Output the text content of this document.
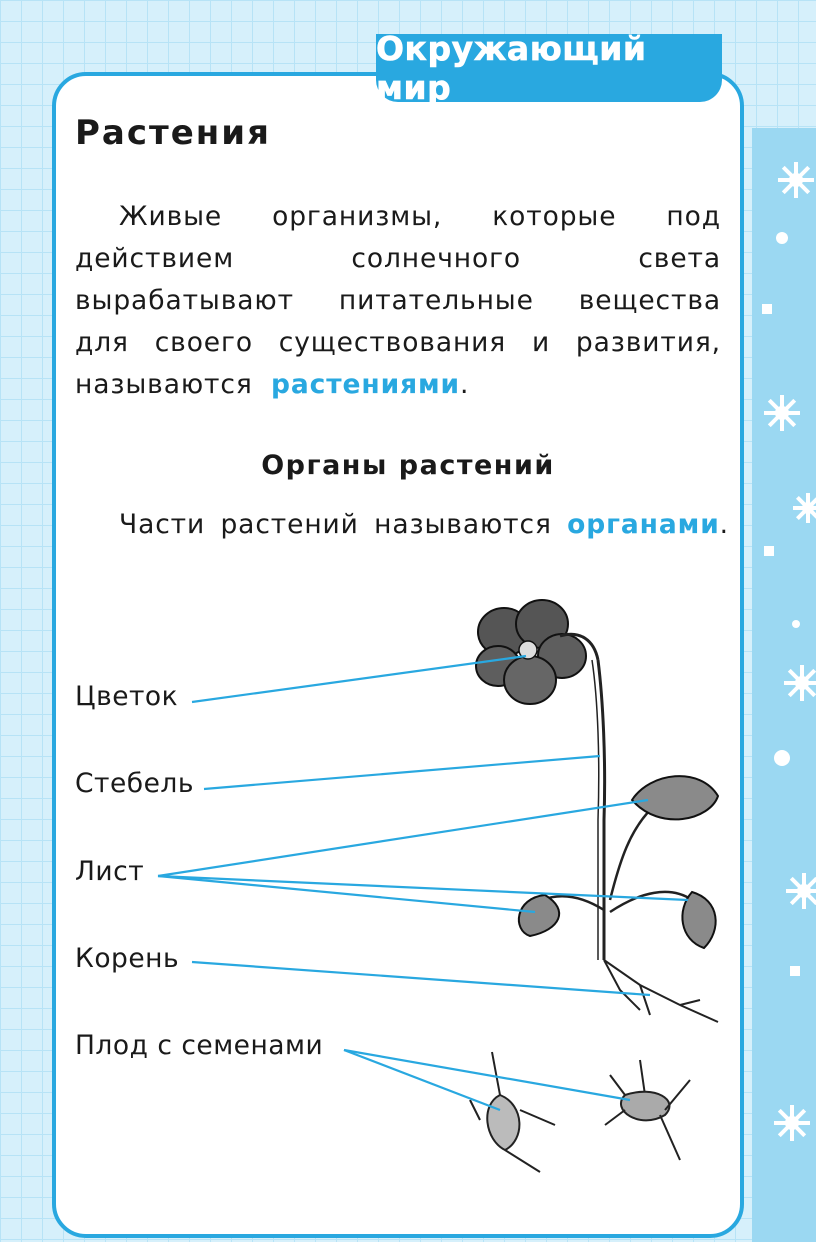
Окружающий мир
Растения
Живые организмы, которые под действием солнечного света вырабатывают питательные вещества для своего существования и развития, называются растениями.
Органы растений
Части растений называются органами.
Цветок
Стебель
Лист
Корень
Плод с семенами
